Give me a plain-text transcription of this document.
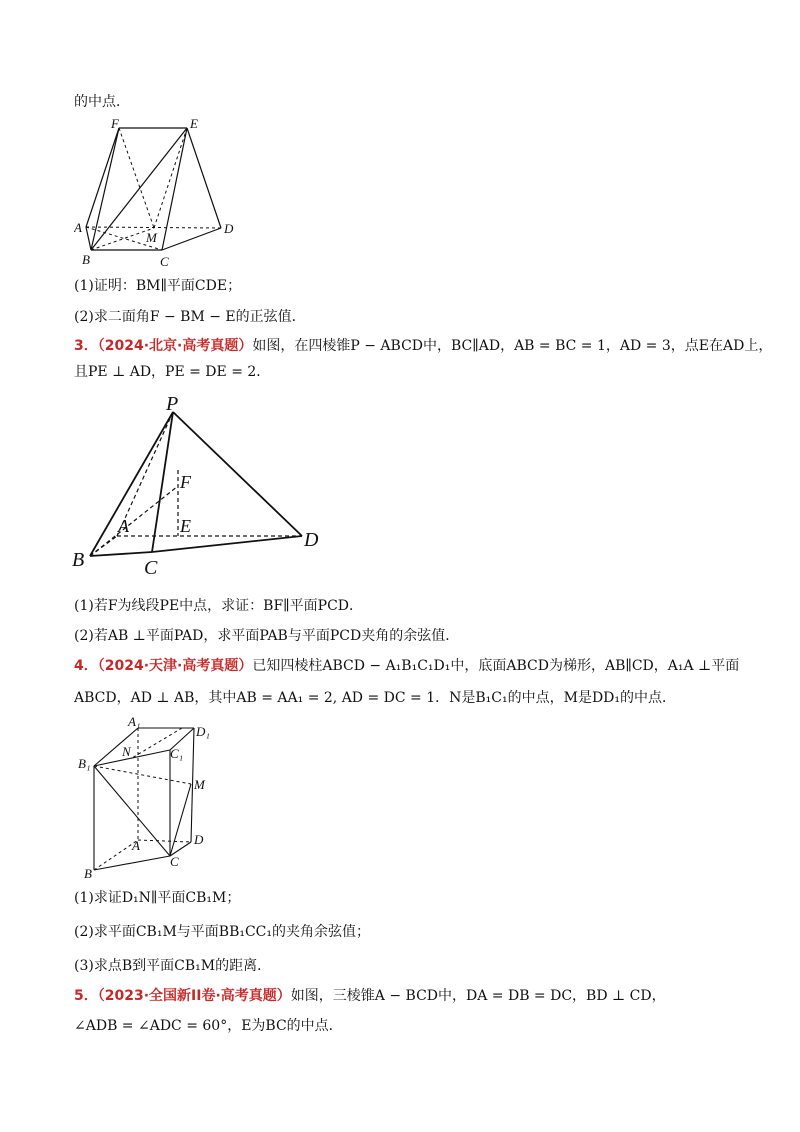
的中点．
F	E
A
M
D
B	C
(1)证明：BM∥平面CDE；
(2)求二面角F − BM − E的正弦值．
3．（2024·北京·高考真题）如图，在四棱锥P − ABCD中，BC∥AD，AB = BC = 1，AD = 3，点E在AD上，
且PE ⊥ AD，PE = DE = 2．
P
F
A	E
B	C
D
(1)若F为线段PE中点，求证：BF∥平面PCD．
(2)若AB ⊥平面PAD，求平面PAB与平面PCD夹角的余弦值．
4．（2024·天津·高考真题）已知四棱柱ABCD − A₁B₁C₁D₁中，底面ABCD为梯形，AB∥CD，A₁A ⊥平面
ABCD，AD ⊥ AB，其中AB = AA₁ = 2, AD = DC = 1．N是B₁C₁的中点，M是DD₁的中点．
A₁
D₁
N	C₁
B₁
M
D
A
C
B
(1)求证D₁N∥平面CB₁M；
(2)求平面CB₁M与平面BB₁CC₁的夹角余弦值；
(3)求点B到平面CB₁M的距离．
5．（2023·全国新II卷·高考真题）如图，三棱锥A − BCD中，DA = DB = DC，BD ⊥ CD，
∠ADB = ∠ADC = 60°，E为BC的中点．
